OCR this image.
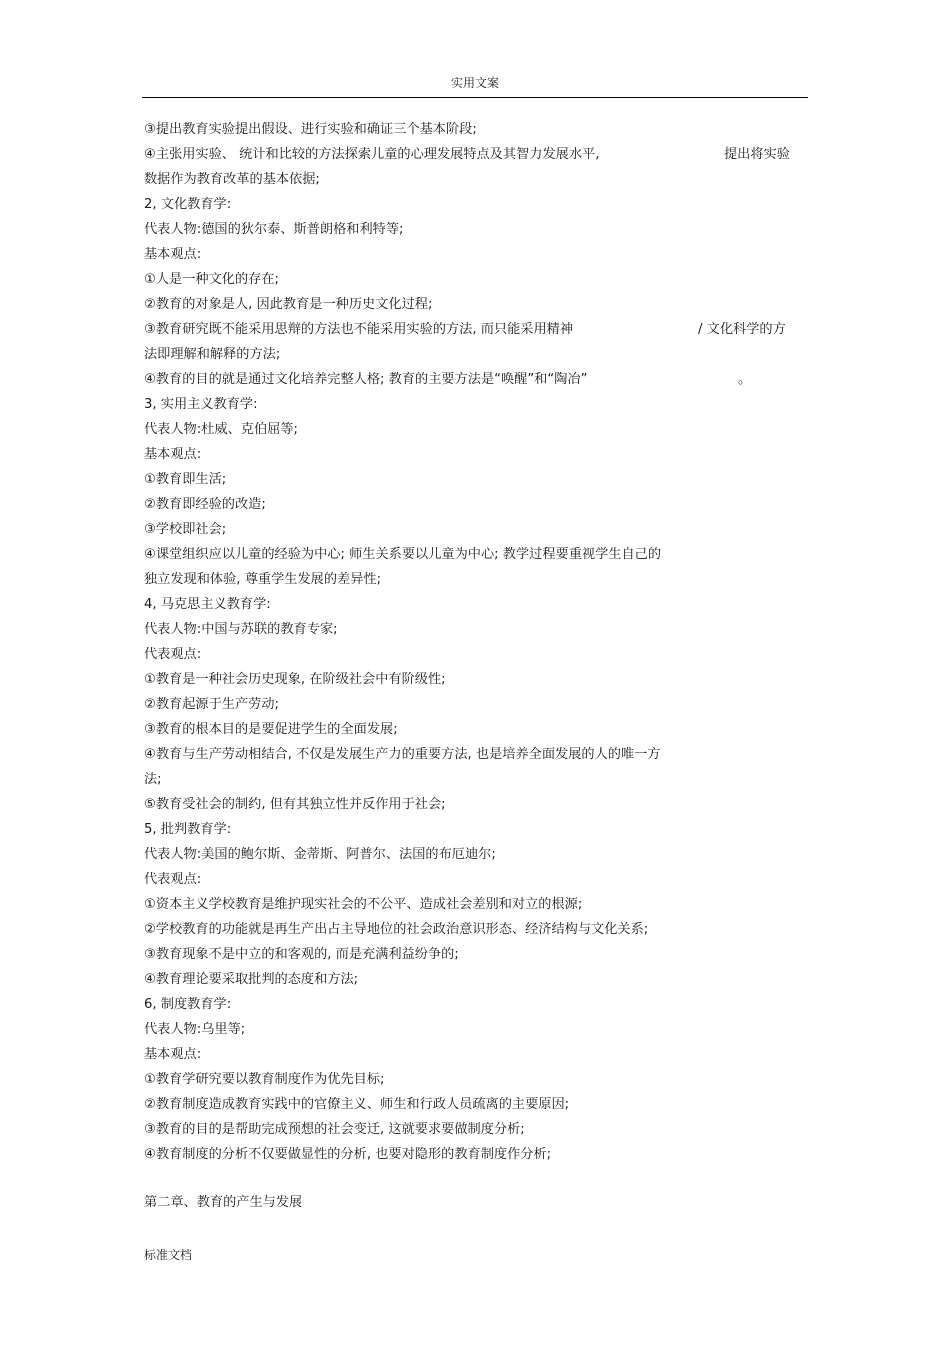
实用文案
③提出教育实验提出假设、进行实验和确证三个基本阶段;
④主张用实验、 统计和比较的方法探索儿童的心理发展特点及其智力发展水平,	提出将实验
数据作为教育改革的基本依据;
2, 文化教育学:
代表人物:德国的狄尔泰、斯普朗格和利特等;
基本观点:
①人是一种文化的存在;
②教育的对象是人, 因此教育是一种历史文化过程;
③教育研究既不能采用思辩的方法也不能采用实验的方法, 而只能采用精神	/ 文化科学的方
法即理解和解释的方法;
④教育的目的就是通过文化培养完整人格; 教育的主要方法是“唤醒”和“陶冶”	。
3, 实用主义教育学:
代表人物:杜威、克伯屈等;
基本观点:
①教育即生活;
②教育即经验的改造;
③学校即社会;
④课堂组织应以儿童的经验为中心; 师生关系要以儿童为中心; 教学过程要重视学生自己的
独立发现和体验, 尊重学生发展的差异性;
4, 马克思主义教育学:
代表人物:中国与苏联的教育专家;
代表观点:
①教育是一种社会历史现象, 在阶级社会中有阶级性;
②教育起源于生产劳动;
③教育的根本目的是要促进学生的全面发展;
④教育与生产劳动相结合, 不仅是发展生产力的重要方法, 也是培养全面发展的人的唯一方
法;
⑤教育受社会的制约, 但有其独立性并反作用于社会;
5, 批判教育学:
代表人物:美国的鲍尔斯、金蒂斯、阿普尔、法国的布厄迪尔;
代表观点:
①资本主义学校教育是维护现实社会的不公平、造成社会差别和对立的根源;
②学校教育的功能就是再生产出占主导地位的社会政治意识形态、经济结构与文化关系;
③教育现象不是中立的和客观的, 而是充满利益纷争的;
④教育理论要采取批判的态度和方法;
6, 制度教育学:
代表人物:乌里等;
基本观点:
①教育学研究要以教育制度作为优先目标;
②教育制度造成教育实践中的官僚主义、师生和行政人员疏离的主要原因;
③教育的目的是帮助完成预想的社会变迁, 这就要求要做制度分析;
④教育制度的分析不仅要做显性的分析, 也要对隐形的教育制度作分析;
第二章、教育的产生与发展
标准文档
